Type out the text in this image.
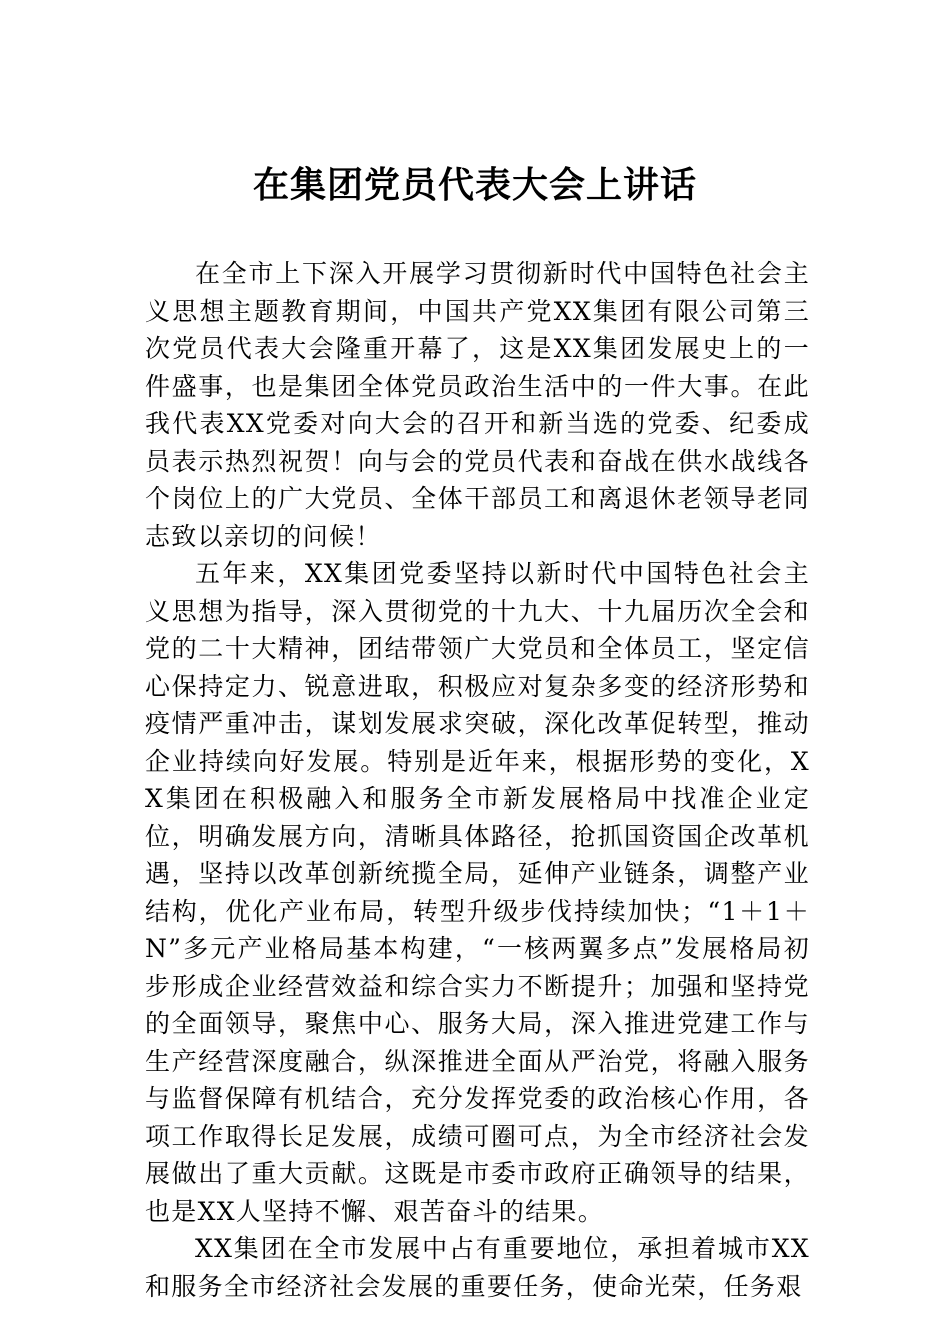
在集团党员代表大会上讲话

在全市上下深入开展学习贯彻新时代中国特色社会主义思想主题教育期间，中国共产党XX集团有限公司第三次党员代表大会隆重开幕了，这是XX集团发展史上的一件盛事，也是集团全体党员政治生活中的一件大事。在此我代表XX党委对向大会的召开和新当选的党委、纪委成员表示热烈祝贺！向与会的党员代表和奋战在供水战线各个岗位上的广大党员、全体干部员工和离退休老领导老同志致以亲切的问候！

五年来，XX集团党委坚持以新时代中国特色社会主义思想为指导，深入贯彻党的十九大、十九届历次全会和党的二十大精神，团结带领广大党员和全体员工，坚定信心保持定力、锐意进取，积极应对复杂多变的经济形势和疫情严重冲击，谋划发展求突破，深化改革促转型，推动企业持续向好发展。特别是近年来，根据形势的变化，XX集团在积极融入和服务全市新发展格局中找准企业定位，明确发展方向，清晰具体路径，抢抓国资国企改革机遇，坚持以改革创新统揽全局，延伸产业链条，调整产业结构，优化产业布局，转型升级步伐持续加快；“1＋1＋N”多元产业格局基本构建，“一核两翼多点”发展格局初步形成企业经营效益和综合实力不断提升；加强和坚持党的全面领导，聚焦中心、服务大局，深入推进党建工作与生产经营深度融合，纵深推进全面从严治党，将融入服务与监督保障有机结合，充分发挥党委的政治核心作用，各项工作取得长足发展，成绩可圈可点，为全市经济社会发展做出了重大贡献。这既是市委市政府正确领导的结果，也是XX人坚持不懈、艰苦奋斗的结果。

XX集团在全市发展中占有重要地位，承担着城市XX和服务全市经济社会发展的重要任务，使命光荣，任务艰
